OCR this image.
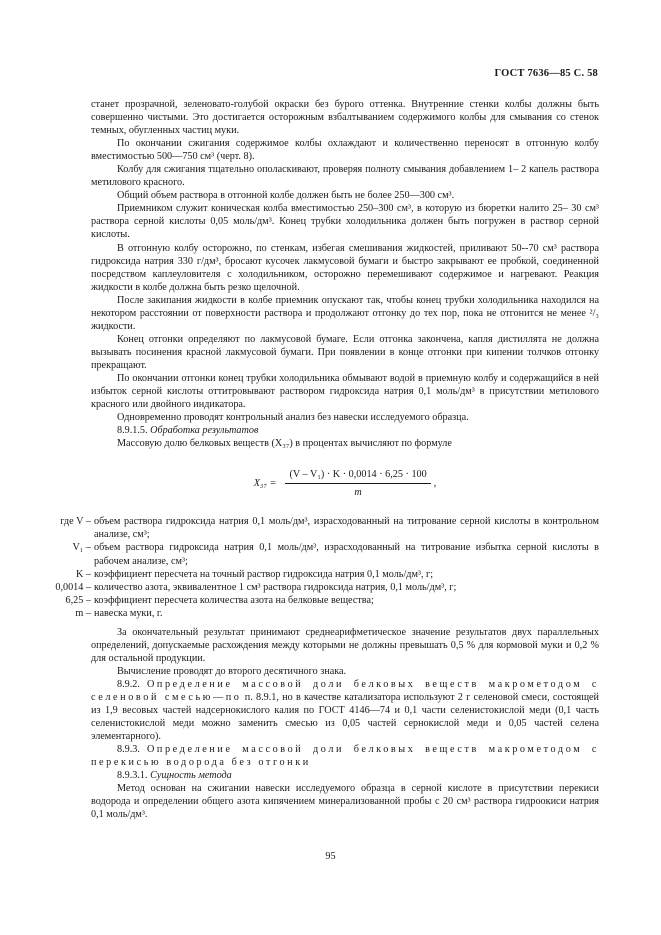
ГОСТ 7636—85 С. 58

станет прозрачной, зеленовато-голубой окраски без бурого оттенка. Внутренние стенки колбы должны быть совершенно чистыми. Это достигается осторожным взбалтыванием содержимого колбы для смывания со стенок темных, обугленных частиц муки.

По окончании сжигания содержимое колбы охлаждают и количественно переносят в отгонную колбу вместимостью 500—750 см³ (черт. 8).

Колбу для сжигания тщательно ополаскивают, проверяя полноту смывания добавлением 1– 2 капель раствора метилового красного.

Общий объем раствора в отгонной колбе должен быть не более 250—300 см³.

Приемником служит коническая колба вместимостью 250–300 см³, в которую из бюретки налито 25– 30 см³ раствора серной кислоты 0,05 моль/дм³. Конец трубки холодильника должен быть погружен в раствор серной кислоты.

В отгонную колбу осторожно, по стенкам, избегая смешивания жидкостей, приливают 50--70 см³ раствора гидроксида натрия 330 г/дм³, бросают кусочек лакмусовой бумаги и быстро закрывают ее пробкой, соединенной посредством каплеуловителя с холодильником, осторожно перемешивают содержимое и нагревают. Реакция жидкости в колбе должна быть резко щелочной.

После закипания жидкости в колбе приемник опускают так, чтобы конец трубки холодильника находился на некотором расстоянии от поверхности раствора и продолжают отгонку до тех пор, пока не отгонится не менее ²/₃ жидкости.

Конец отгонки определяют по лакмусовой бумаге. Если отгонка закончена, капля дистиллята не должна вызывать посинения красной лакмусовой бумаги. При появлении в конце отгонки при кипении толчков отгонку прекращают.

По окончании отгонки конец трубки холодильника обмывают водой в приемную колбу и содержащийся в ней избыток серной кислоты оттитровывают раствором гидроксида натрия 0,1 моль/дм³ в присутствии метилового красного или двойного индикатора.

Одновременно проводят контрольный анализ без навески исследуемого образца.

8.9.1.5. Обработка результатов

Массовую долю белковых веществ (X₃₇) в процентах вычисляют по формуле

$X_{37} = \frac{\text{(V – V₁) · K · 0,0014 · 6,25 · 100}}{m}$ ,
где V – объем раствора гидроксида натрия 0,1 моль/дм³, израсходованный на титрование серной кислоты в контрольном анализе, см³;
V₁ – объем раствора гидроксида натрия 0,1 моль/дм³, израсходованный на титрование избытка серной кислоты в рабочем анализе, см³;
K – коэффициент пересчета на точный раствор гидроксида натрия 0,1 моль/дм³, г;
0,0014 – количество азота, эквивалентное 1 см³ раствора гидроксида натрия, 0,1 моль/дм³, г;
6,25 – коэффициент пересчета количества азота на белковые вещества;
m – навеска муки, г.

За окончательный результат принимают среднеарифметическое значение результатов двух параллельных определений, допускаемые расхождения между которыми не должны превышать 0,5 % для кормовой муки и 0,2 % для остальной продукции.

Вычисление проводят до второго десятичного знака.

8.9.2. Определение массовой доли белковых веществ макрометодом с селеновой смесью—по п. 8.9.1, но в качестве катализатора используют 2 г селеновой смеси, состоящей из 1,9 весовых частей надсернокислого калия по ГОСТ 4146—74 и 0,1 части селенистокислой меди (0,1 часть селенистокислой меди можно заменить смесью из 0,05 частей сернокислой меди и 0,05 частей селена элементарного).

8.9.3. Определение массовой доли белковых веществ макрометодом с перекисью водорода без отгонки

8.9.3.1. Сущность метода

Метод основан на сжигании навески исследуемого образца в серной кислоте в присутствии перекиси водорода и определении общего азота кипячением минерализованной пробы с 20 см³ раствора гидроокиси натрия 0,1 моль/дм³.

95
